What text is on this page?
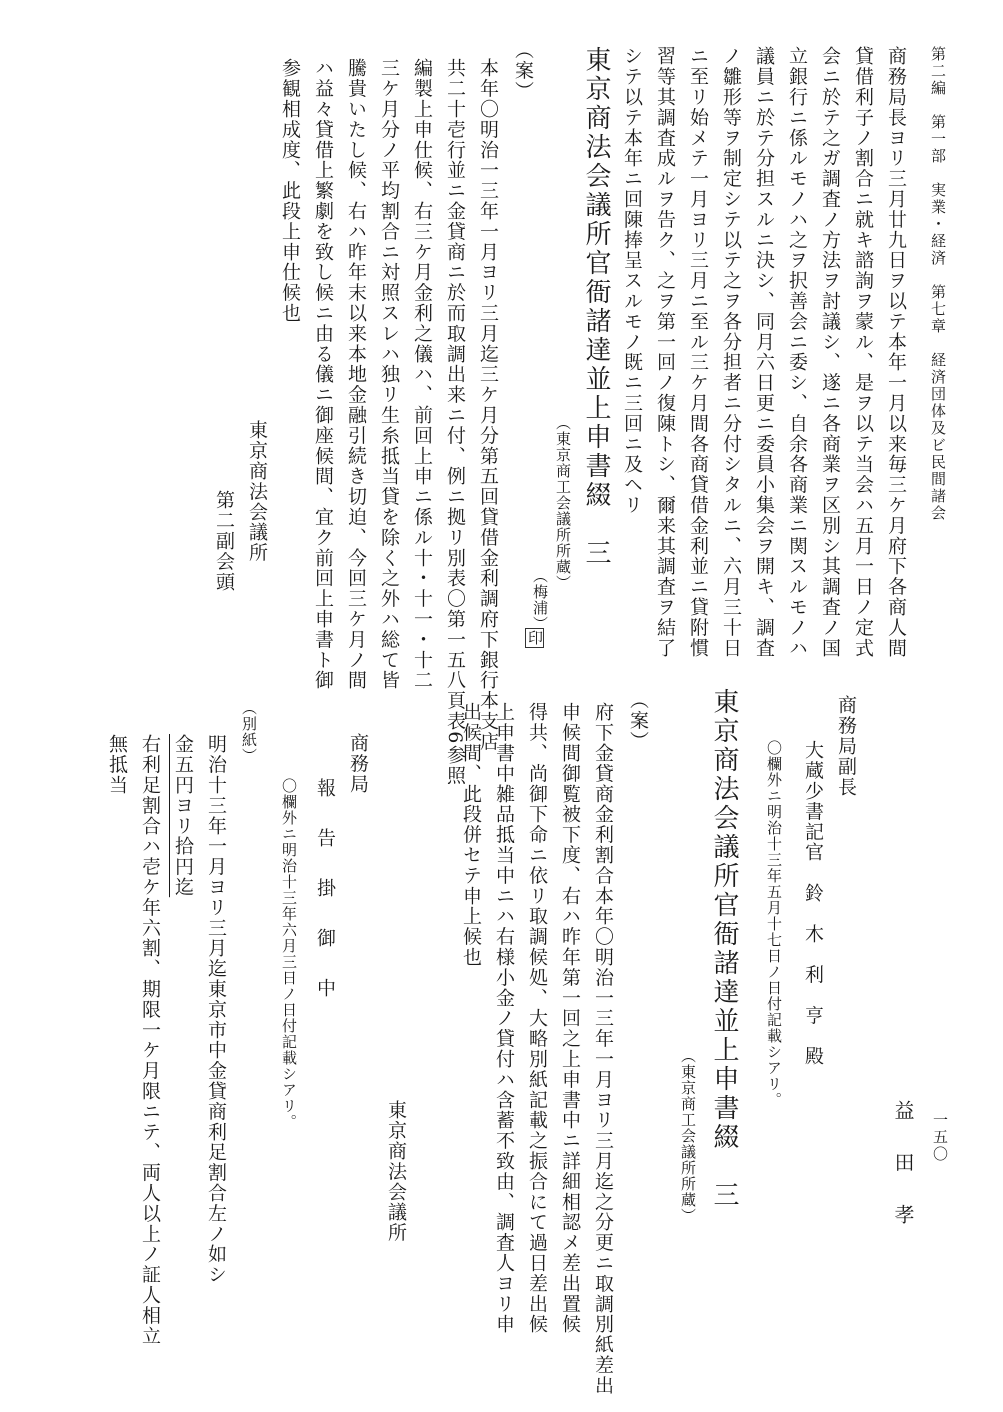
第二編　第一部　実業・経済　第七章　経済団体及ビ民間諸会
一五〇
商務局長ヨリ三月廿九日ヲ以テ本年一月以来毎三ケ月府下各商人間
貸借利子ノ割合ニ就キ諮詢ヲ蒙ル、是ヲ以テ当会ハ五月一日ノ定式
会ニ於テ之ガ調査ノ方法ヲ討議シ、遂ニ各商業ヲ区別シ其調査ノ国
立銀行ニ係ルモノハ之ヲ択善会ニ委シ、自余各商業ニ関スルモノハ
議員ニ於テ分担スルニ決シ、同月六日更ニ委員小集会ヲ開キ、調査
ノ雛形等ヲ制定シテ以テ之ヲ各分担者ニ分付シタルニ、六月三十日
ニ至リ始メテ一月ヨリ三月ニ至ル三ケ月間各商貸借金利並ニ貸附慣
習等其調査成ルヲ告ク、之ヲ第一回ノ復陳トシ、爾来其調査ヲ結了
シテ以テ本年ニ回陳捧呈スルモノ既ニ三回ニ及ヘリ
東京商法会議所官衙諸達並上申書綴　三
（東京商工会議所所蔵）
（梅浦）
印
（案）
本年〇明治一三年一月ヨリ三月迄三ケ月分第五回貸借金利調府下銀行本支店
共二十壱行並ニ金貸商ニ於而取調出来ニ付、例ニ拠リ別表〇第一五八頁表6参照
編製上申仕候、右三ケ月金利之儀ハ、前回上申ニ係ル十・十一・十二
三ケ月分ノ平均割合ニ対照スレハ独リ生糸抵当貸を除く之外ハ総て皆
騰貴いたし候、右ハ昨年末以来本地金融引続き切迫、今回三ケ月ノ間
ハ益々貸借上繁劇を致し候ニ由る儀ニ御座候間、宜ク前回上申書ト御
参観相成度、此段上申仕候也
東京商法会議所
第二副会頭
益　田　孝
商務局副長
大蔵少書記官　鈴　木　利　亨　殿
〇欄外ニ明治十三年五月十七日ノ日付記載シアリ。
東京商法会議所官衙諸達並上申書綴　三
（東京商工会議所所蔵）
（案）
府下金貸商金利割合本年〇明治一三年一月ヨリ三月迄之分更ニ取調別紙差出
申候間御覧被下度、右ハ昨年第一回之上申書中ニ詳細相認メ差出置候
得共、尚御下命ニ依リ取調候処、大略別紙記載之振合にて過日差出候
上申書中雑品抵当中ニハ右様小金ノ貸付ハ含蓄不致由、調査人ヨリ申
出候間、此段併セテ申上候也
東京商法会議所
商務局
報　告　掛　御　中
〇欄外ニ明治十三年六月三日ノ日付記載シアリ。
（別紙）
明治十三年一月ヨリ三月迄東京市中金貸商利足割合左ノ如シ
金五円ヨリ拾円迄
右利足割合ハ壱ケ年六割、期限一ケ月限ニテ、両人以上ノ証人相立
無抵当
